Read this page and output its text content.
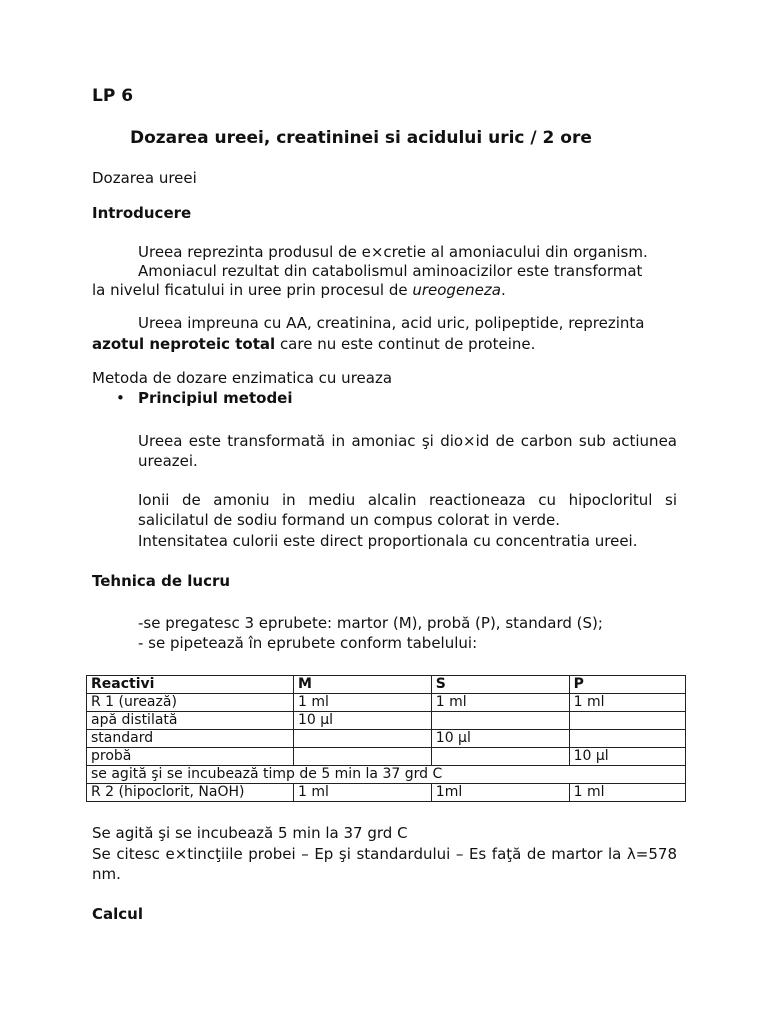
LP 6
Dozarea ureei, creatininei si acidului uric / 2 ore
Dozarea ureei
Introducere
Ureea reprezinta produsul de e×cretie al amoniacului din organism.
Amoniacul rezultat din catabolismul aminoacizilor este transformat
la nivelul ficatului in uree prin procesul de ureogeneza.
Ureea impreuna cu AA, creatinina, acid uric, polipeptide, reprezinta
azotul neproteic total care nu este continut de proteine.
Metoda de dozare enzimatica cu ureaza
• Principiul metodei
Ureea este transformată in amoniac şi dio×id de carbon sub actiunea ureazei.
Ionii de amoniu in mediu alcalin reactioneaza cu hipocloritul si salicilatul de sodiu formand un compus colorat in verde.
Intensitatea culorii este direct proportionala cu concentratia ureei.
Tehnica de lucru
-se pregatesc 3 eprubete: martor (M), probă (P), standard (S);
- se pipetează în eprubete conform tabelului:
Reactivi	M	S	P
R 1 (urează)	1 ml	1 ml	1 ml
apă distilată	10 µl		
standard		10 µl	
probă			10 µl
se agită şi se incubează timp de 5 min la 37 grd C			
R 2 (hipoclorit, NaOH)	1 ml	1ml	1 ml
Se agită şi se incubează 5 min la 37 grd C
Se citesc e×tincţiile probei – Ep şi standardului – Es faţă de martor la λ=578 nm.
Calcul
